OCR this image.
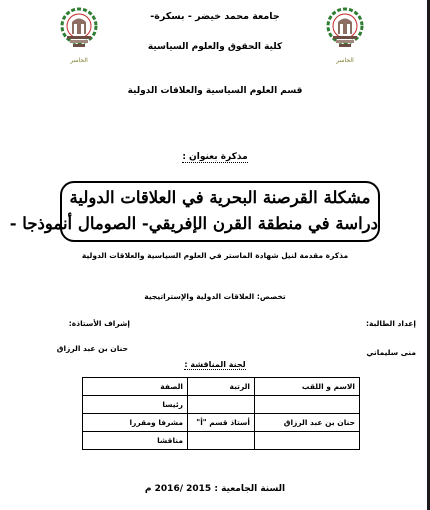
الحاسر	الحاسر
جامعة محمد خيضر - بسكرة-
كلية الحقوق والعلوم السياسية
قسم العلوم السياسية والعلاقات الدولية
مذكرة بعنوان :
مشكلة القرصنة البحرية في العلاقات الدولية
دراسة في منطقة القرن الإفريقي- الصومال أنموذجا -
مذكرة مقدمة لنيل شهادة الماستر في العلوم السياسية والعلاقات الدولية
تخصص: العلاقات الدولية والإستراتيجية
إعداد الطالبة:
إشراف الأستاذة:
منى سليماني
حنان بن عبد الرزاق
لجنة المناقشة :
الاسم و اللقب	الرتبة	الصفة
		رئيسا
حنان بن عبد الرزاق	أستاذ قسم "أ"	مشرفا ومقررا
		مناقشا
السنة الجامعية : 2015 /2016 م
